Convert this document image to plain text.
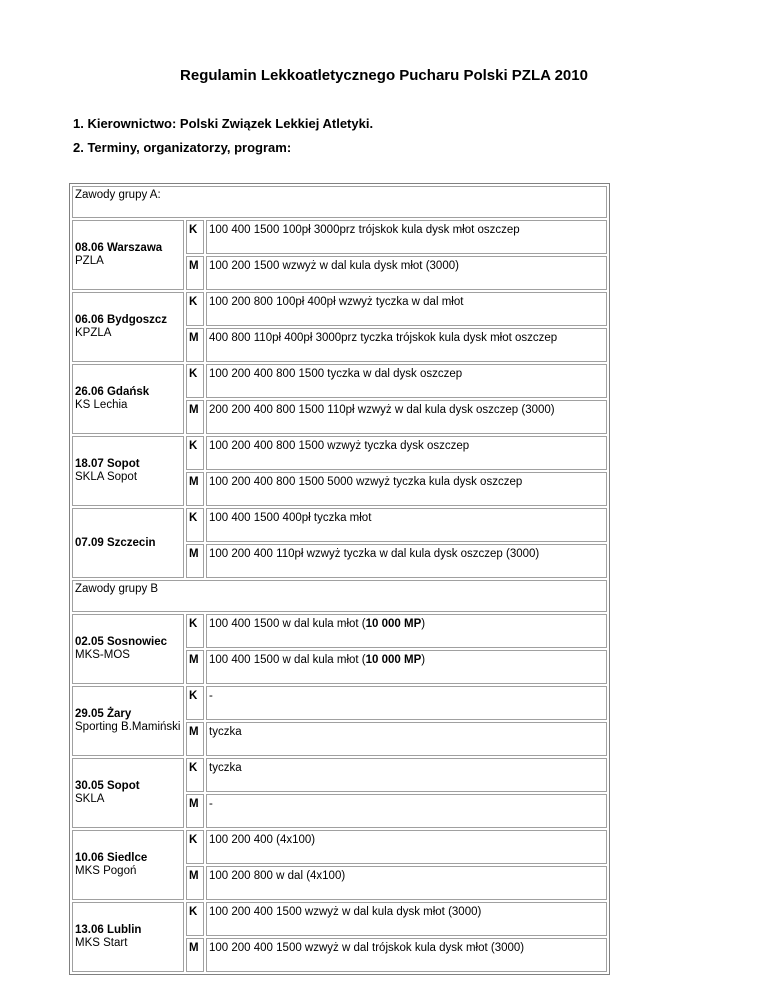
Regulamin Lekkoatletycznego Pucharu Polski PZLA 2010
1. Kierownictwo: Polski Związek Lekkiej Atletyki.
2. Terminy, organizatorzy, program:
Zawody grupy A:		

08.06 Warszawa
PZLA	K	100 400 1500 100pł 3000prz trójskok kula dysk młot oszczep
	M	100 200 1500 wzwyż w dal kula dysk młot (3000)

06.06 Bydgoszcz
KPZLA	K	100 200 800 100pł 400pł wzwyż tyczka w dal młot
	M	400 800 110pł 400pł 3000prz tyczka trójskok kula dysk młot oszczep

26.06 Gdańsk
KS Lechia	K	100 200 400 800 1500 tyczka w dal dysk oszczep
	M	200 200 400 800 1500 110pł wzwyż w dal kula dysk oszczep (3000)

18.07 Sopot
SKLA Sopot	K	100 200 400 800 1500 wzwyż tyczka dysk oszczep
	M	100 200 400 800 1500 5000 wzwyż tyczka kula dysk oszczep

07.09 Szczecin	K	100 400 1500 400pł tyczka młot
	M	100 200 400 110pł wzwyż tyczka w dal kula dysk oszczep (3000)
Zawody grupy B		

02.05 Sosnowiec
MKS-MOS	K	100 400 1500 w dal kula młot (10 000 MP)
	M	100 400 1500 w dal kula młot (10 000 MP)

29.05 Żary
Sporting B.Mamiński	K	-
	M	tyczka

30.05 Sopot
SKLA	K	tyczka
	M	-

10.06 Siedlce
MKS Pogoń	K	100 200 400 (4x100)
	M	100 200 800 w dal (4x100)

13.06 Lublin
MKS Start	K	100 200 400 1500 wzwyż w dal kula dysk młot (3000)
	M	100 200 400 1500 wzwyż w dal trójskok kula dysk młot (3000)
